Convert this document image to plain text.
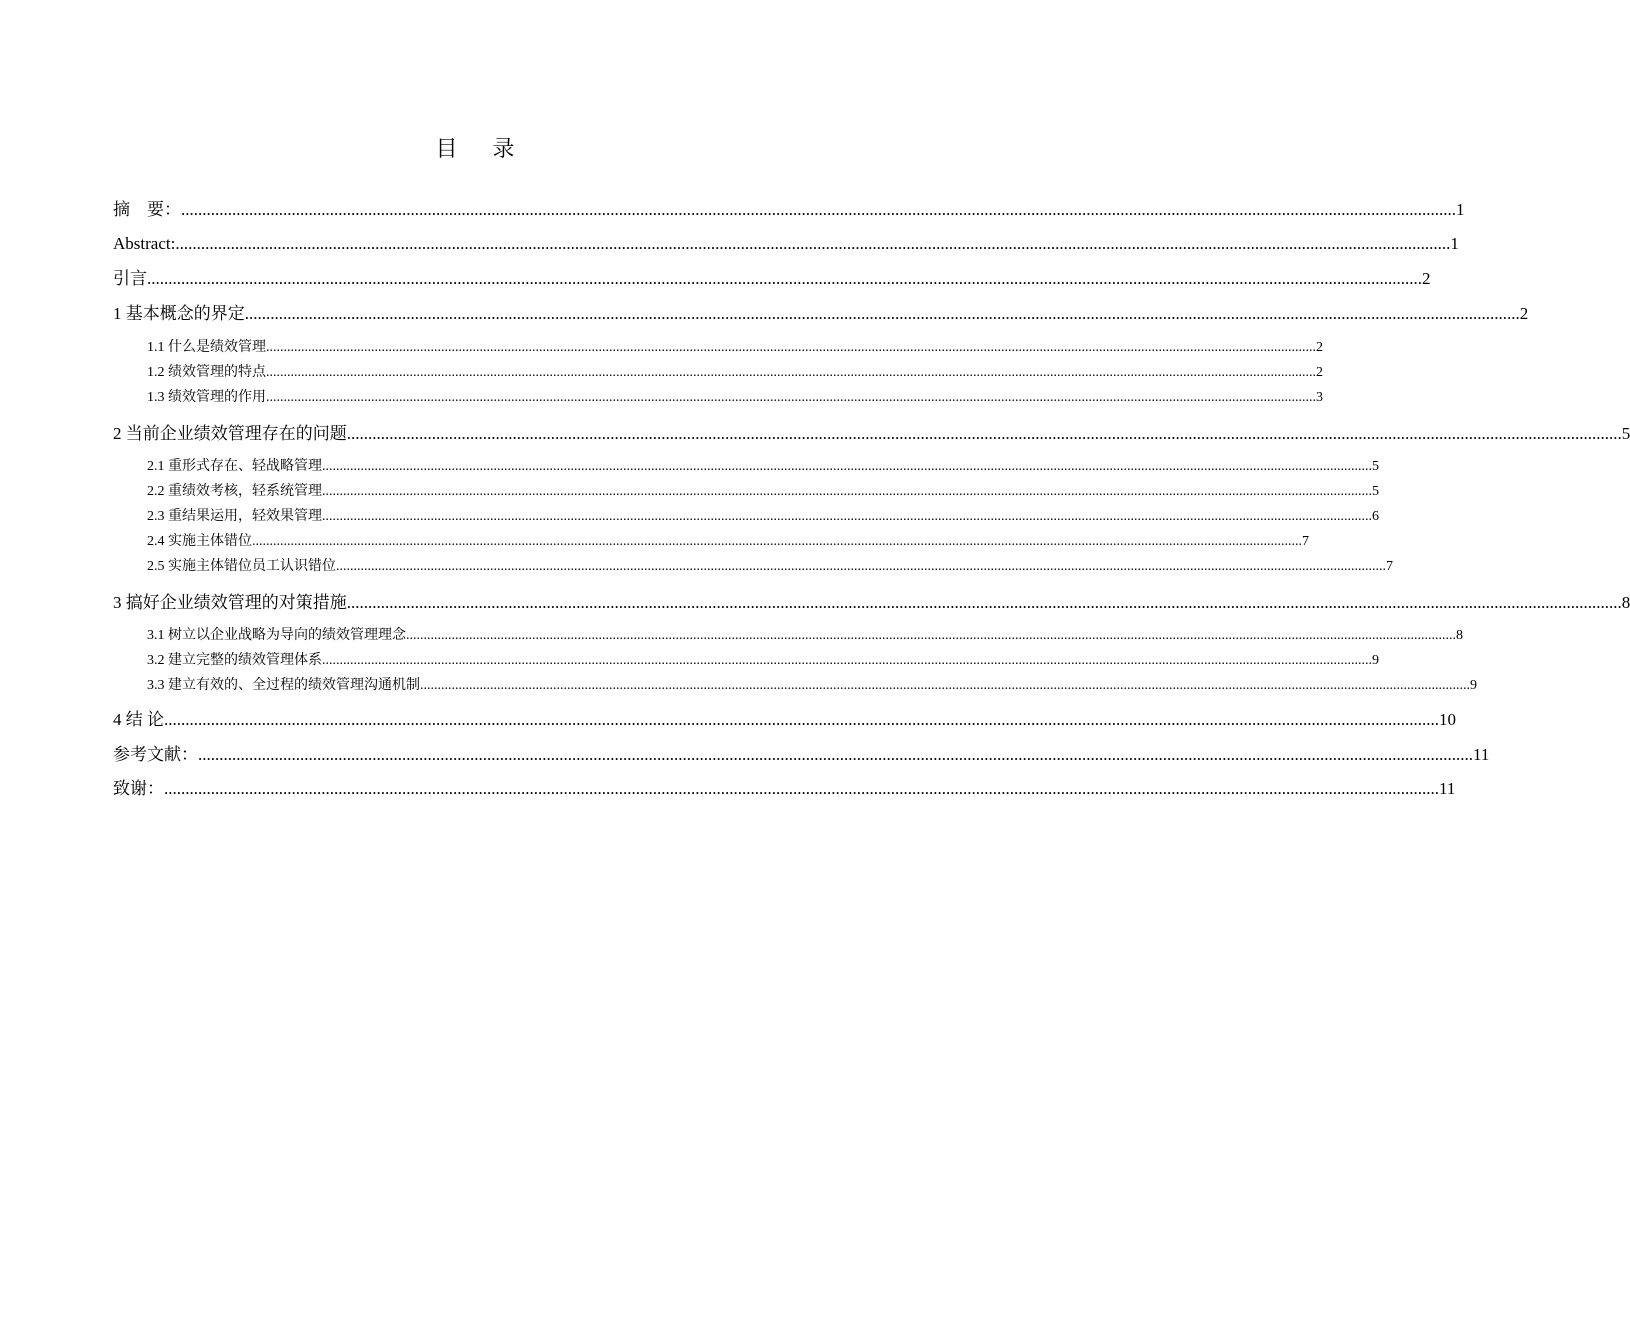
目 录
摘　要： ............................................................................................................................................................................................................................................................................................................ 1
Abstract: ............................................................................................................................................................................................................................................................................................................ 1
引言 ............................................................................................................................................................................................................................................................................................................ 2
1 基本概念的界定 ............................................................................................................................................................................................................................................................................................................ 2
1.1 什么是绩效管理 ............................................................................................................................................................................................................................................................................................................ 2
1.2 绩效管理的特点 ............................................................................................................................................................................................................................................................................................................ 2
1.3 绩效管理的作用 ............................................................................................................................................................................................................................................................................................................ 3
2 当前企业绩效管理存在的问题 ............................................................................................................................................................................................................................................................................................................ 5
2.1 重形式存在、轻战略管理 ............................................................................................................................................................................................................................................................................................................ 5
2.2 重绩效考核，轻系统管理 ............................................................................................................................................................................................................................................................................................................ 5
2.3 重结果运用，轻效果管理 ............................................................................................................................................................................................................................................................................................................ 6
2.4 实施主体错位 ............................................................................................................................................................................................................................................................................................................ 7
2.5 实施主体错位员工认识错位 ............................................................................................................................................................................................................................................................................................................ 7
3 搞好企业绩效管理的对策措施 ............................................................................................................................................................................................................................................................................................................ 8
3.1 树立以企业战略为导向的绩效管理理念 ............................................................................................................................................................................................................................................................................................................ 8
3.2 建立完整的绩效管理体系 ............................................................................................................................................................................................................................................................................................................ 9
3.3 建立有效的、全过程的绩效管理沟通机制 ............................................................................................................................................................................................................................................................................................................ 9
4 结 论 ............................................................................................................................................................................................................................................................................................................ 10
参考文献： ............................................................................................................................................................................................................................................................................................................ 11
致谢： ............................................................................................................................................................................................................................................................................................................ 11
